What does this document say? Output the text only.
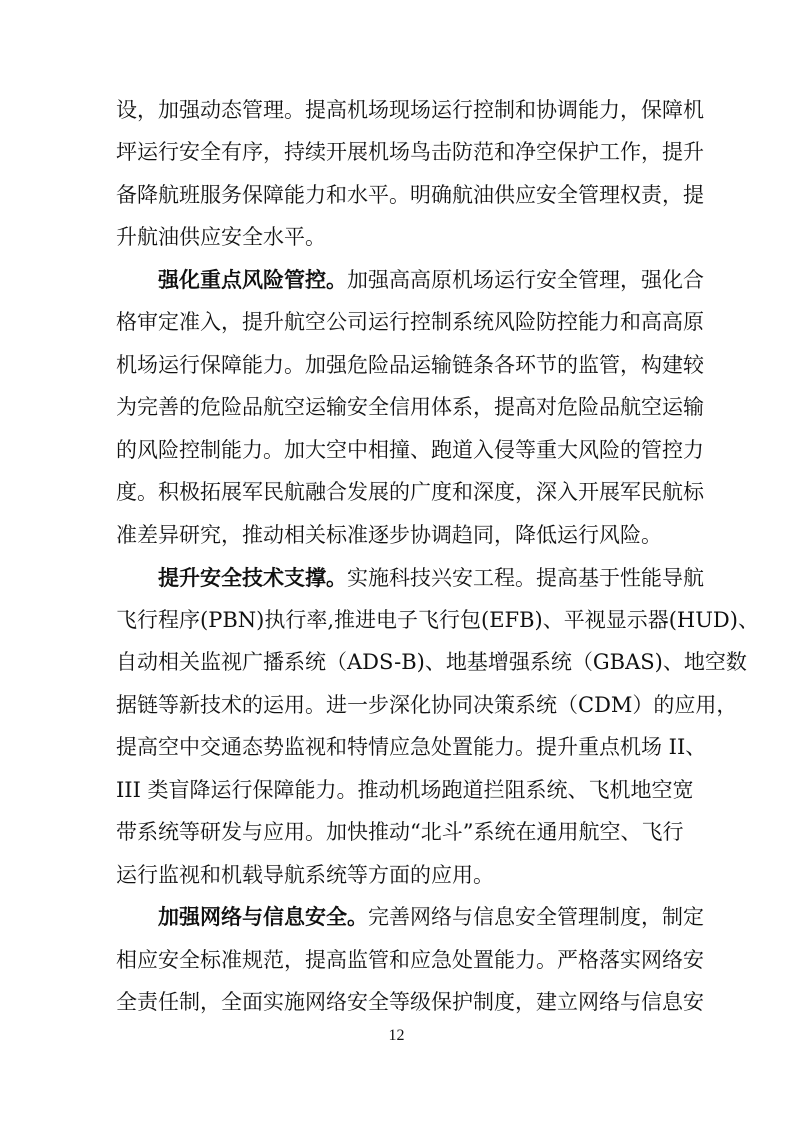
设，加强动态管理。提高机场现场运行控制和协调能力，保障机
坪运行安全有序，持续开展机场鸟击防范和净空保护工作，提升
备降航班服务保障能力和水平。明确航油供应安全管理权责，提
升航油供应安全水平。
强化重点风险管控。加强高高原机场运行安全管理，强化合
格审定准入，提升航空公司运行控制系统风险防控能力和高高原
机场运行保障能力。加强危险品运输链条各环节的监管，构建较
为完善的危险品航空运输安全信用体系，提高对危险品航空运输
的风险控制能力。加大空中相撞、跑道入侵等重大风险的管控力
度。积极拓展军民航融合发展的广度和深度，深入开展军民航标
准差异研究，推动相关标准逐步协调趋同，降低运行风险。
提升安全技术支撑。实施科技兴安工程。提高基于性能导航
飞行程序(PBN)执行率,推进电子飞行包(EFB)、平视显示器(HUD)、
自动相关监视广播系统（ADS-B)、地基增强系统（GBAS)、地空数
据链等新技术的运用。进一步深化协同决策系统（CDM）的应用，
提高空中交通态势监视和特情应急处置能力。提升重点机场 II、
III 类盲降运行保障能力。推动机场跑道拦阻系统、飞机地空宽
带系统等研发与应用。加快推动“北斗”系统在通用航空、飞行
运行监视和机载导航系统等方面的应用。
加强网络与信息安全。完善网络与信息安全管理制度，制定
相应安全标准规范，提高监管和应急处置能力。严格落实网络安
全责任制，全面实施网络安全等级保护制度，建立网络与信息安
12
